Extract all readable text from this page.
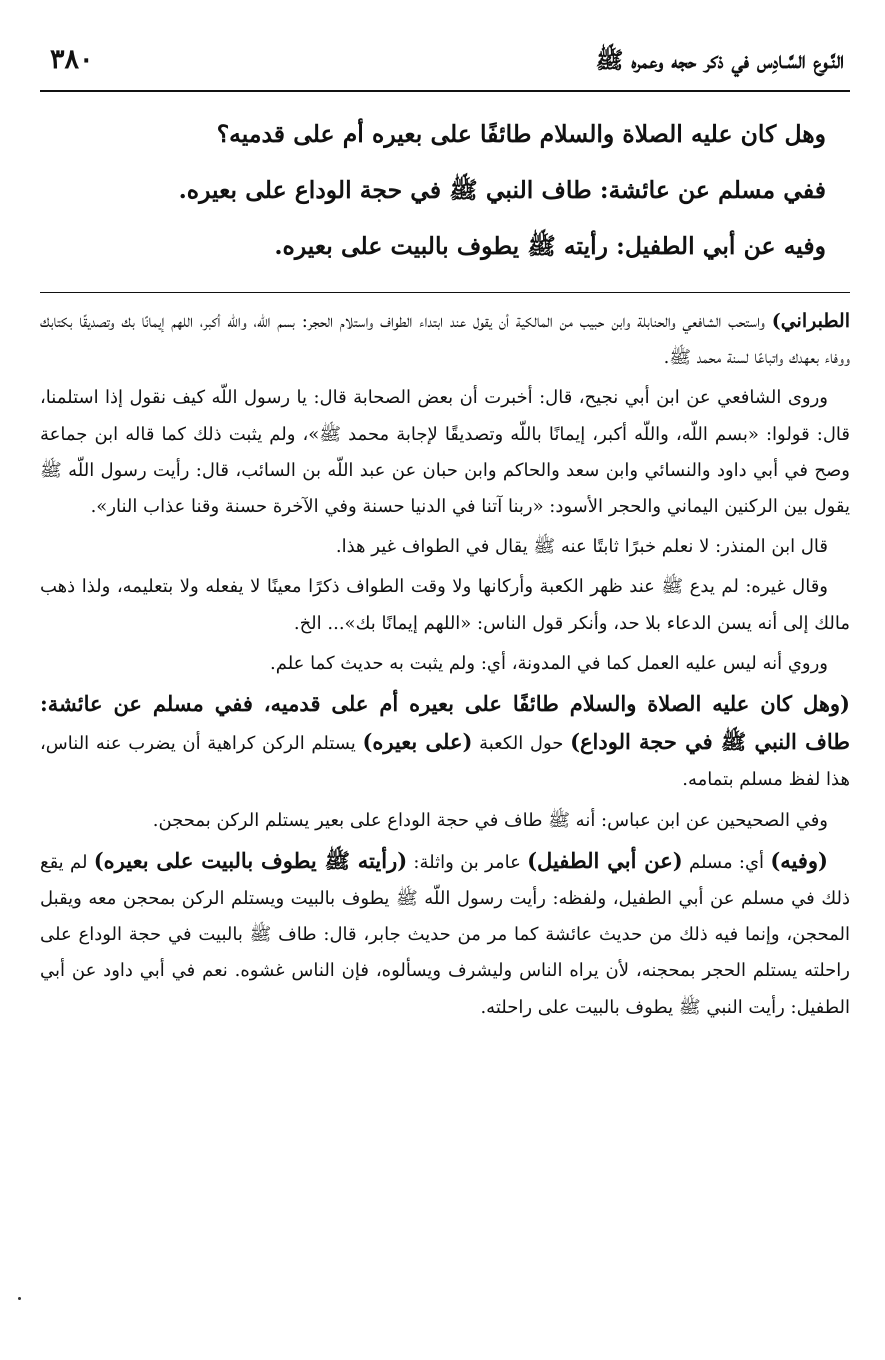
النَّـوع السَّـادِس في ذكر حجه وعمره ﷺ
٣٨٠

وهل كان عليه الصلاة والسلام طائفًا على بعيره أم على قدميه؟

ففي مسلم عن عائشة: طاف النبي ﷺ في حجة الوداع على بعيره.

وفيه عن أبي الطفيل: رأيته ﷺ يطوف بالبيت على بعيره.

الطبراني) واستحب الشافعي والحنابلة وابن حبيب من المالكية أن يقول عند ابتداء الطواف واستلام الحجر: بسم اللّه، واللّه أكبر، اللهم إيمانًا بك وتصديقًا بكتابك ووفاء بعهدك واتباعًا لسنة محمد ﷺ.

وروى الشافعي عن ابن أبي نجيح، قال: أخبرت أن بعض الصحابة قال: يا رسول اللّه كيف نقول إذا استلمنا، قال: قولوا: «بسم اللّه، واللّه أكبر، إيمانًا باللّه وتصديقًا لإجابة محمد ﷺ»، ولم يثبت ذلك كما قاله ابن جماعة وصح في أبي داود والنسائي وابن سعد والحاكم وابن حبان عن عبد اللّه بن السائب، قال: رأيت رسول اللّه ﷺ يقول بين الركنين اليماني والحجر الأسود: «ربنا آتنا في الدنيا حسنة وفي الآخرة حسنة وقنا عذاب النار».

قال ابن المنذر: لا نعلم خبرًا ثابتًا عنه ﷺ يقال في الطواف غير هذا.

وقال غيره: لم يدع ﷺ عند ظهر الكعبة وأركانها ولا وقت الطواف ذكرًا معينًا لا يفعله ولا بتعليمه، ولذا ذهب مالك إلى أنه يسن الدعاء بلا حد، وأنكر قول الناس: «اللهم إيمانًا بك»... الخ.

وروي أنه ليس عليه العمل كما في المدونة، أي: ولم يثبت به حديث كما علم.

(وهل كان عليه الصلاة والسلام طائفًا على بعيره أم على قدميه، ففي مسلم عن عائشة: طاف النبي ﷺ في حجة الوداع) حول الكعبة (على بعيره) يستلم الركن كراهية أن يضرب عنه الناس، هذا لفظ مسلم بتمامه.

وفي الصحيحين عن ابن عباس: أنه ﷺ طاف في حجة الوداع على بعير يستلم الركن بمحجن.

(وفيه) أي: مسلم (عن أبي الطفيل) عامر بن واثلة: (رأيته ﷺ يطوف بالبيت على بعيره) لم يقع ذلك في مسلم عن أبي الطفيل، ولفظه: رأيت رسول اللّه ﷺ يطوف بالبيت ويستلم الركن بمحجن معه ويقبل المحجن، وإنما فيه ذلك من حديث عائشة كما مر من حديث جابر، قال: طاف ﷺ بالبيت في حجة الوداع على راحلته يستلم الحجر بمحجنه، لأن يراه الناس وليشرف ويسألوه، فإن الناس غشوه. نعم في أبي داود عن أبي الطفيل: رأيت النبي ﷺ يطوف بالبيت على راحلته.
